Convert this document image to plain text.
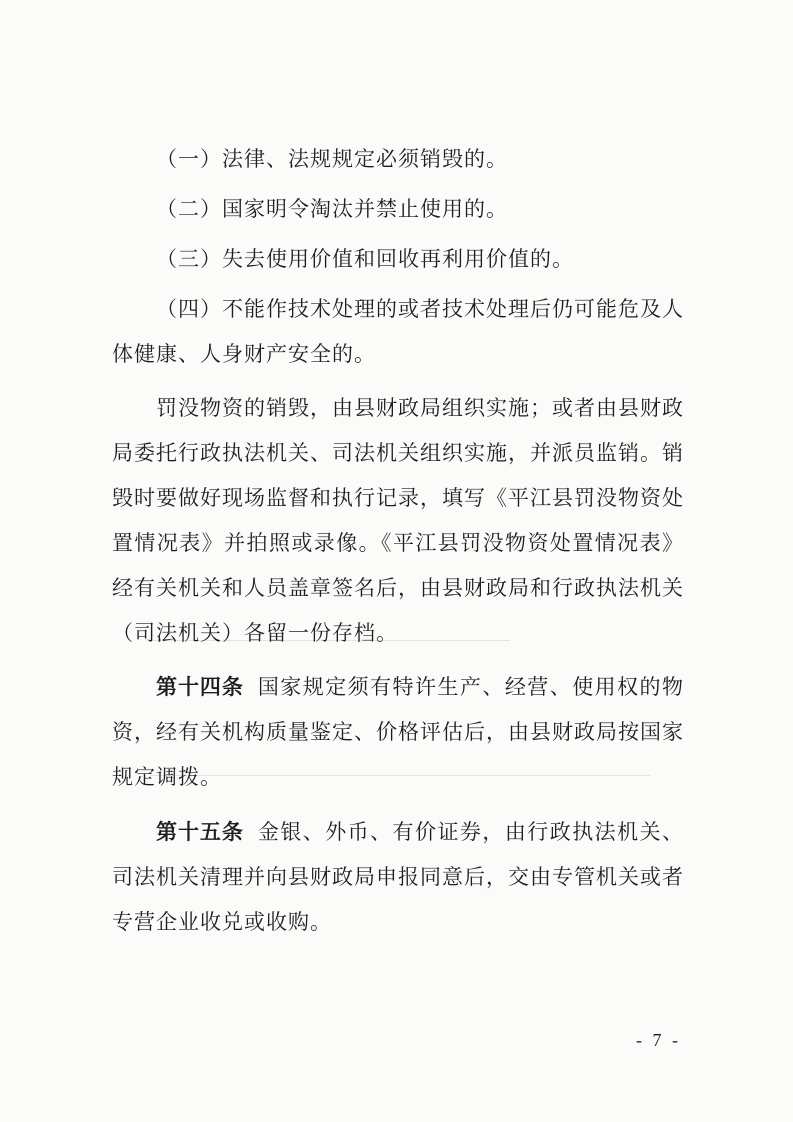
（一）法律、法规规定必须销毁的。

（二）国家明令淘汰并禁止使用的。

（三）失去使用价值和回收再利用价值的。

（四）不能作技术处理的或者技术处理后仍可能危及人体健康、人身财产安全的。

罚没物资的销毁，由县财政局组织实施；或者由县财政局委托行政执法机关、司法机关组织实施，并派员监销。销毁时要做好现场监督和执行记录，填写《平江县罚没物资处置情况表》并拍照或录像。《平江县罚没物资处置情况表》经有关机关和人员盖章签名后，由县财政局和行政执法机关（司法机关）各留一份存档。

第十四条 国家规定须有特许生产、经营、使用权的物资，经有关机构质量鉴定、价格评估后，由县财政局按国家规定调拨。

第十五条 金银、外币、有价证券，由行政执法机关、司法机关清理并向县财政局申报同意后，交由专管机关或者专营企业收兑或收购。

- 7 -
